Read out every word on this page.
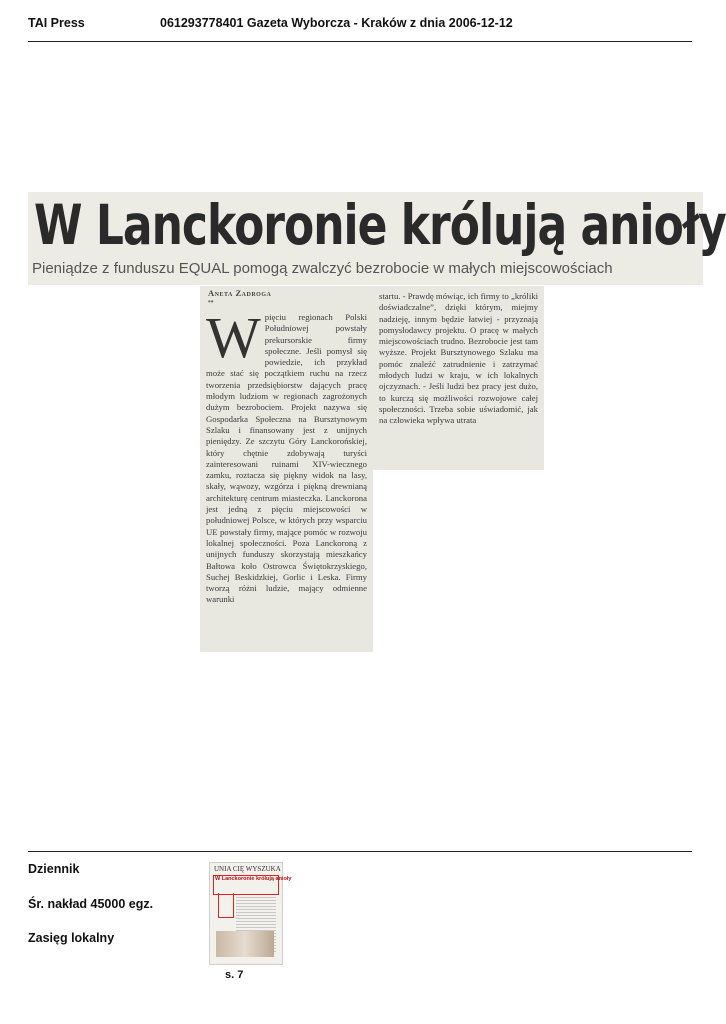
TAI Press	061293778401 Gazeta Wyborcza - Kraków z dnia 2006-12-12
W Lanckoronie królują anioły
Pieniądze z funduszu EQUAL pomogą zwalczyć bezrobocie w małych miejscowościach
Aneta Zadroga
••

Wpięciu regionach Polski Południowej powstały prekursorskie firmy społeczne. Jeśli pomysł się powiedzie, ich przykład może stać się początkiem ruchu na rzecz tworzenia przedsiębiorstw dających pracę młodym ludziom w regionach zagrożonych dużym bezrobociem. Projekt nazywa się Gospodarka Społeczna na Bursztynowym Szlaku i finansowany jest z unijnych pieniędzy. Ze szczytu Góry Lanckorońskiej, który chętnie zdobywają turyści zainteresowani ruinami XIV-wiecznego zamku, roztacza się piękny widok na lasy, skały, wąwozy, wzgórza i piękną drewnianą architekturę centrum miasteczka. Lanckorona jest jedną z pięciu miejscowości w południowej Polsce, w których przy wsparciu UE powstały firmy, mające pomóc w rozwoju lokalnej społeczności. Poza Lanckoroną z unijnych funduszy skorzystają mieszkańcy Bałtowa koło Ostrowca Świętokrzyskiego, Suchej Beskidzkiej, Gorlic i Leska. Firmy tworzą różni ludzie, mający odmienne warunki

startu. - Prawdę mówiąc, ich firmy to „króliki doświadczalne”, dzięki którym, miejmy nadzieję, innym będzie łatwiej - przyznają pomysłodawcy projektu. O pracę w małych miejscowościach trudno. Bezrobocie jest tam wyższe. Projekt Bursztynowego Szlaku ma pomóc znaleźć zatrudnienie i zatrzymać młodych ludzi w kraju, w ich lokalnych ojczyznach. - Jeśli ludzi bez pracy jest dużo, to kurczą się możliwości rozwojowe całej społeczności. Trzeba sobie uświadomić, jak na człowieka wpływa utrata

Dziennik
Śr. nakład 45000 egz.
Zasięg lokalny
UNIA CIĘ WYSZUKA
W Lanckoronie królują anioły
s. 7
